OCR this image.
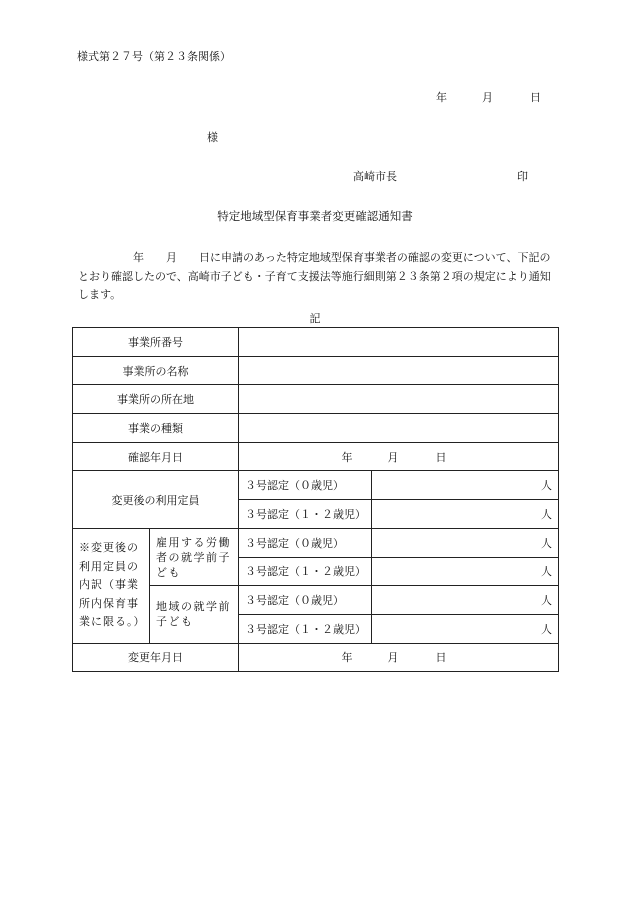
様式第２７号（第２３条関係）
年	月	日
様
高崎市長	印
特定地域型保育事業者変更確認通知書
　　　　　年　　月　　日に申請のあった特定地域型保育事業者の確認の変更について、下記のとおり確認したので、高崎市子ども・子育て支援法等施行細則第２３条第２項の規定により通知します。
記
事業所番号			
事業所の名称			
事業所の所在地			
事業の種類			
確認年月日		年 月 日	

変更後の利用定員		３号認定（０歳児）	人
		３号認定（１・２歳児）	人
※変更後の
利用定員の
内訳（事業
所内保育事
業に限る。）	雇用する労働
者の就学前子
ども	３号認定（０歳児）	人
		３号認定（１・２歳児）	人
	地域の就学前
子ども	３号認定（０歳児）	人
		３号認定（１・２歳児）	人
変更年月日		年 月 日	
